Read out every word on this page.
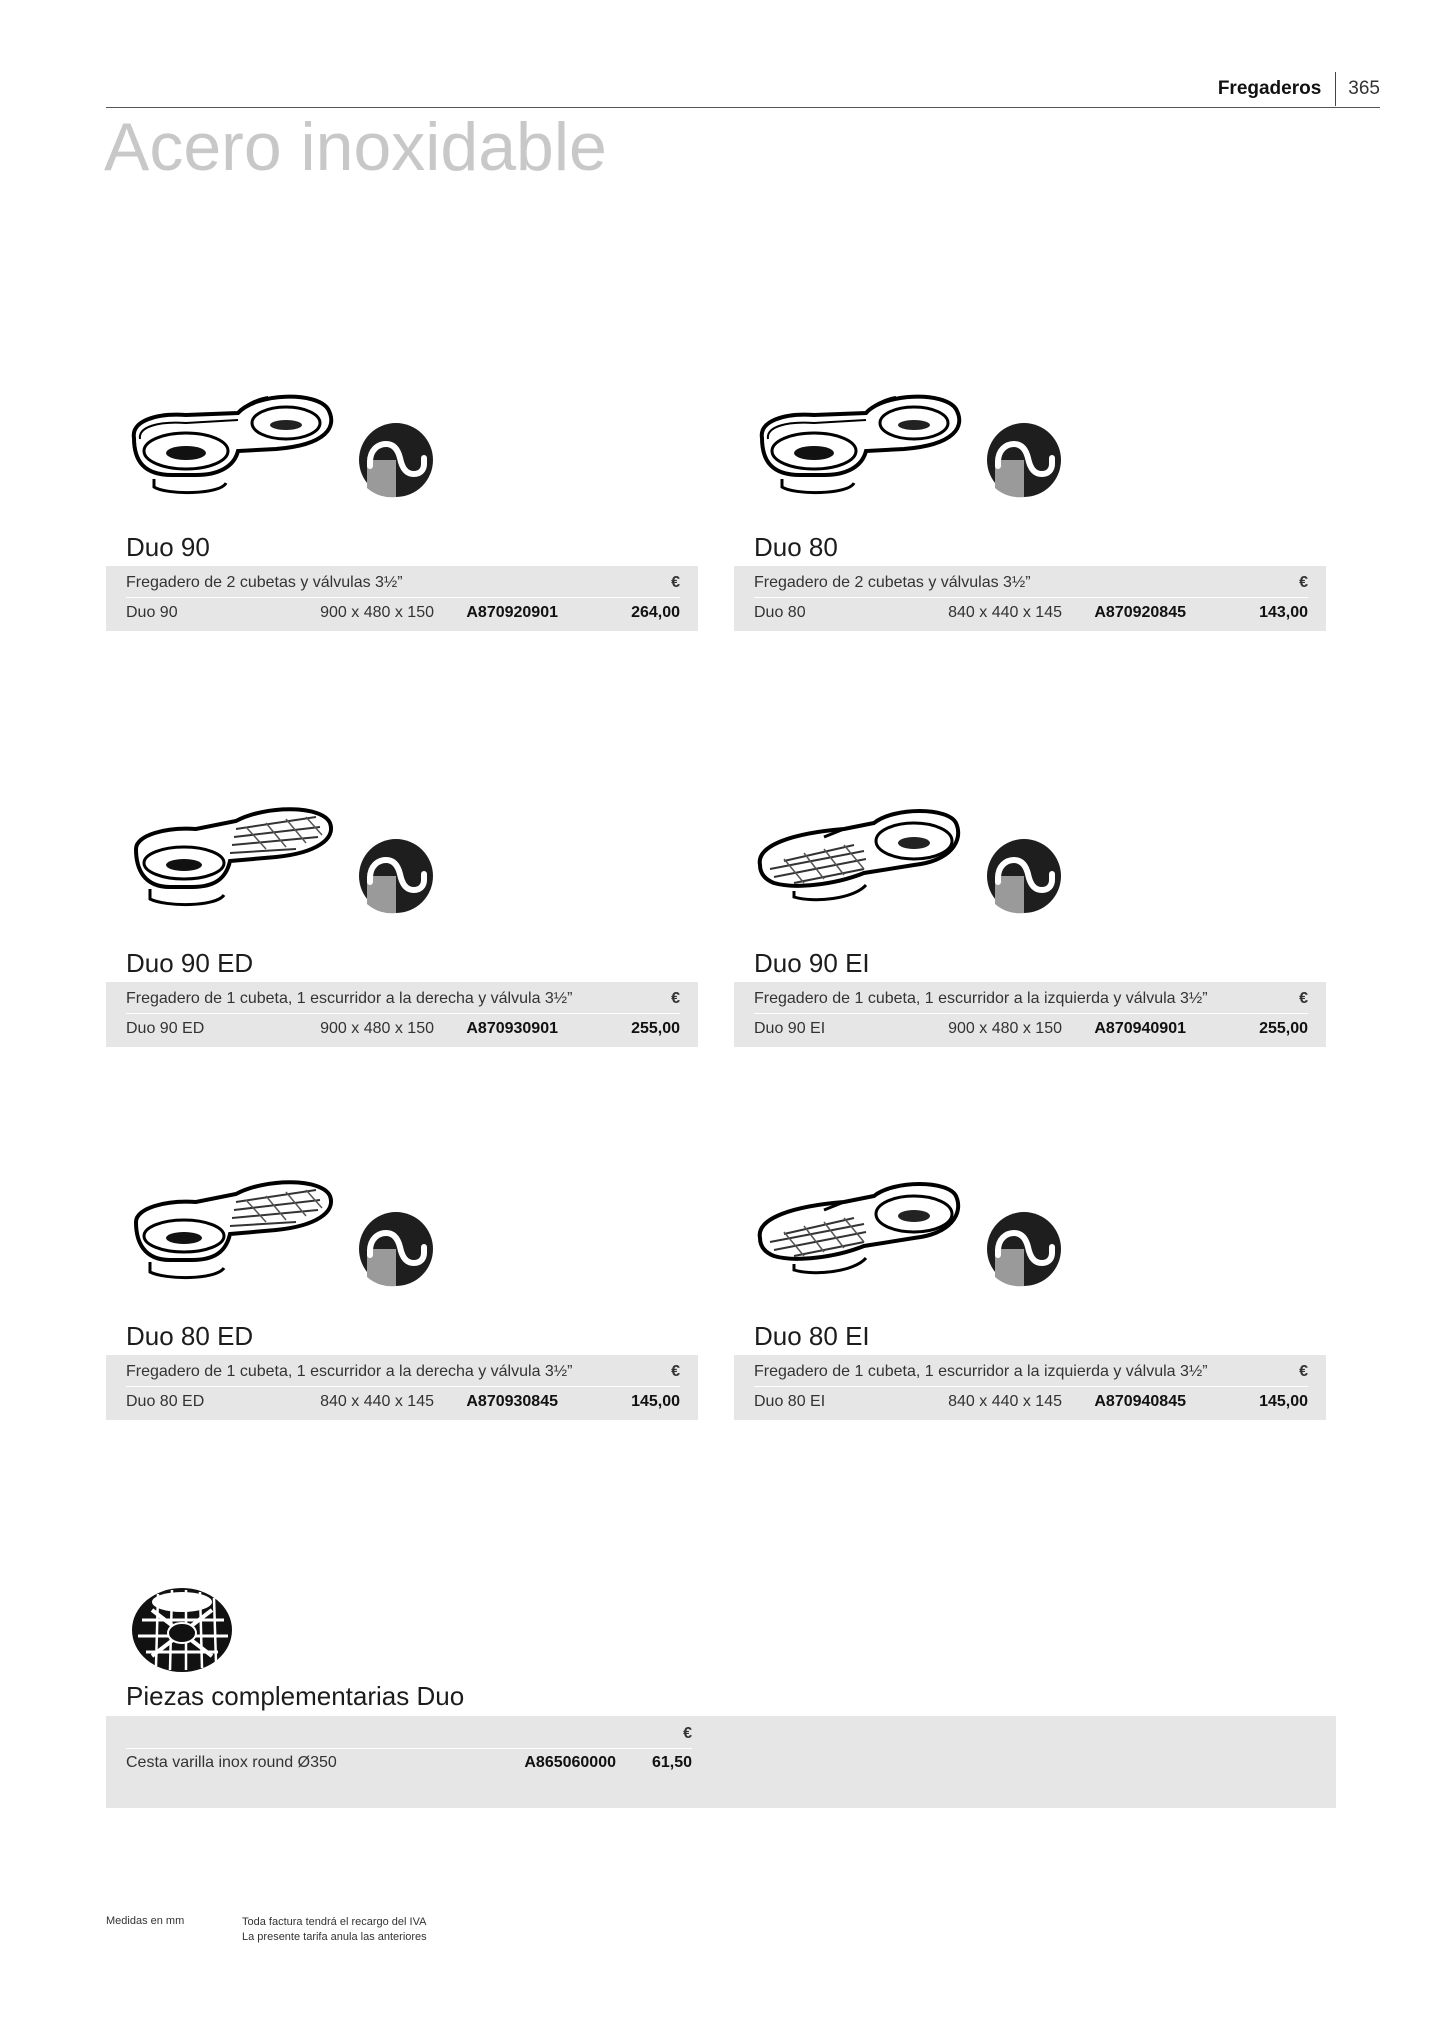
Fregaderos	365
Acero inoxidable
Duo 90
Fregadero de 2 cubetas y válvulas 3½”	€
Duo 90	900 x 480 x 150	A870920901	264,00
Duo 80
Fregadero de 2 cubetas y válvulas 3½”	€
Duo 80	840 x 440 x 145	A870920845	143,00
Duo 90 ED
Fregadero de 1 cubeta, 1 escurridor a la derecha y válvula 3½”	€
Duo 90 ED	900 x 480 x 150	A870930901	255,00
Duo 90 EI
Fregadero de 1 cubeta, 1 escurridor a la izquierda y válvula 3½”	€
Duo 90 EI	900 x 480 x 150	A870940901	255,00
Duo 80 ED
Fregadero de 1 cubeta, 1 escurridor a la derecha y válvula 3½”	€
Duo 80 ED	840 x 440 x 145	A870930845	145,00
Duo 80 EI
Fregadero de 1 cubeta, 1 escurridor a la izquierda y válvula 3½”	€
Duo 80 EI	840 x 440 x 145	A870940845	145,00
Piezas complementarias Duo
€
Cesta varilla inox round Ø350	A865060000	61,50
Medidas en mm	Toda factura tendrá el recargo del IVA
La presente tarifa anula las anteriores
